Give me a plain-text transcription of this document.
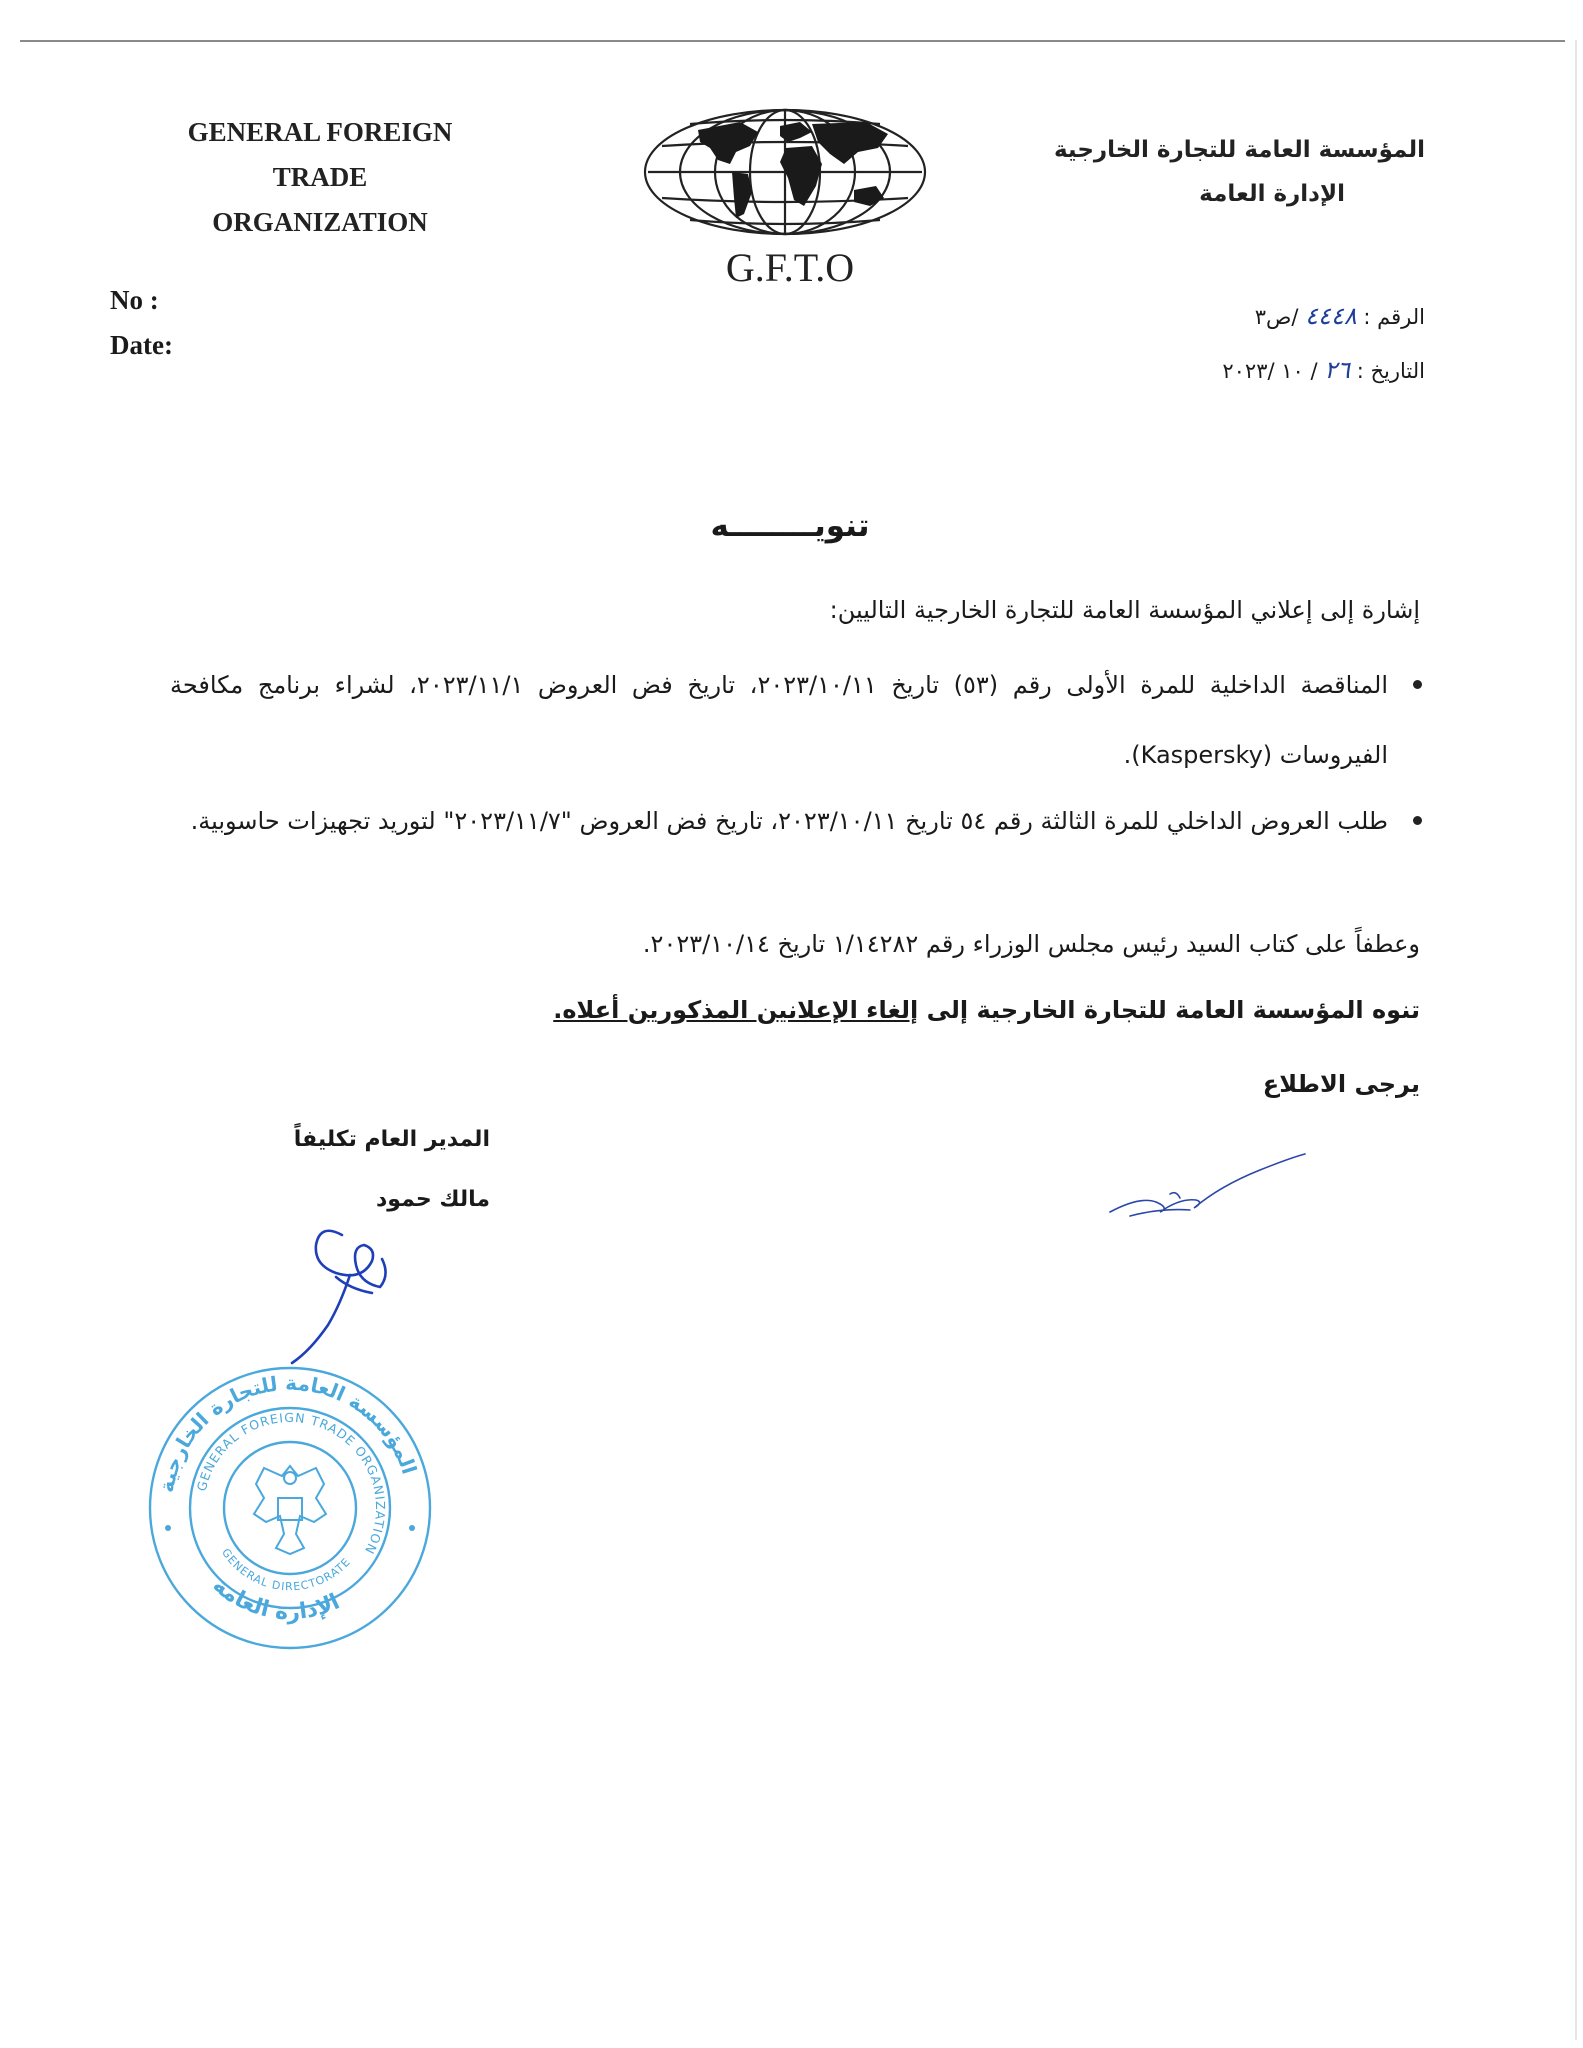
GENERAL FOREIGN
TRADE
ORGANIZATION
No :
Date:
G.F.T.O
المؤسسة العامة للتجارة الخارجية
الإدارة العامة
الرقم : ٤٤٤٨ /ص٣
التاريخ : ٢٦ / ١٠ /٢٠٢٣
تنويــــــــه
إشارة إلى إعلاني المؤسسة العامة للتجارة الخارجية التاليين:
المناقصة الداخلية للمرة الأولى رقم (٥٣) تاريخ ٢٠٢٣/١٠/١١، تاريخ فض العروض ٢٠٢٣/١١/١، لشراء برنامج مكافحة الفيروسات (Kaspersky).
طلب العروض الداخلي للمرة الثالثة رقم ٥٤ تاريخ ٢٠٢٣/١٠/١١، تاريخ فض العروض "٢٠٢٣/١١/٧" لتوريد تجهيزات حاسوبية.
وعطفاً على كتاب السيد رئيس مجلس الوزراء رقم ١/١٤٢٨٢ تاريخ ٢٠٢٣/١٠/١٤.
تنوه المؤسسة العامة للتجارة الخارجية إلى إلغاء الإعلانين المذكورين أعلاه.
يرجى الاطلاع
المدير العام تكليفاً
مالك حمود
المؤسسة العامة للتجارة الخارجية
GENERAL FOREIGN TRADE ORGANIZATION
GENERAL DIRECTORATE
الإدارة العامة
